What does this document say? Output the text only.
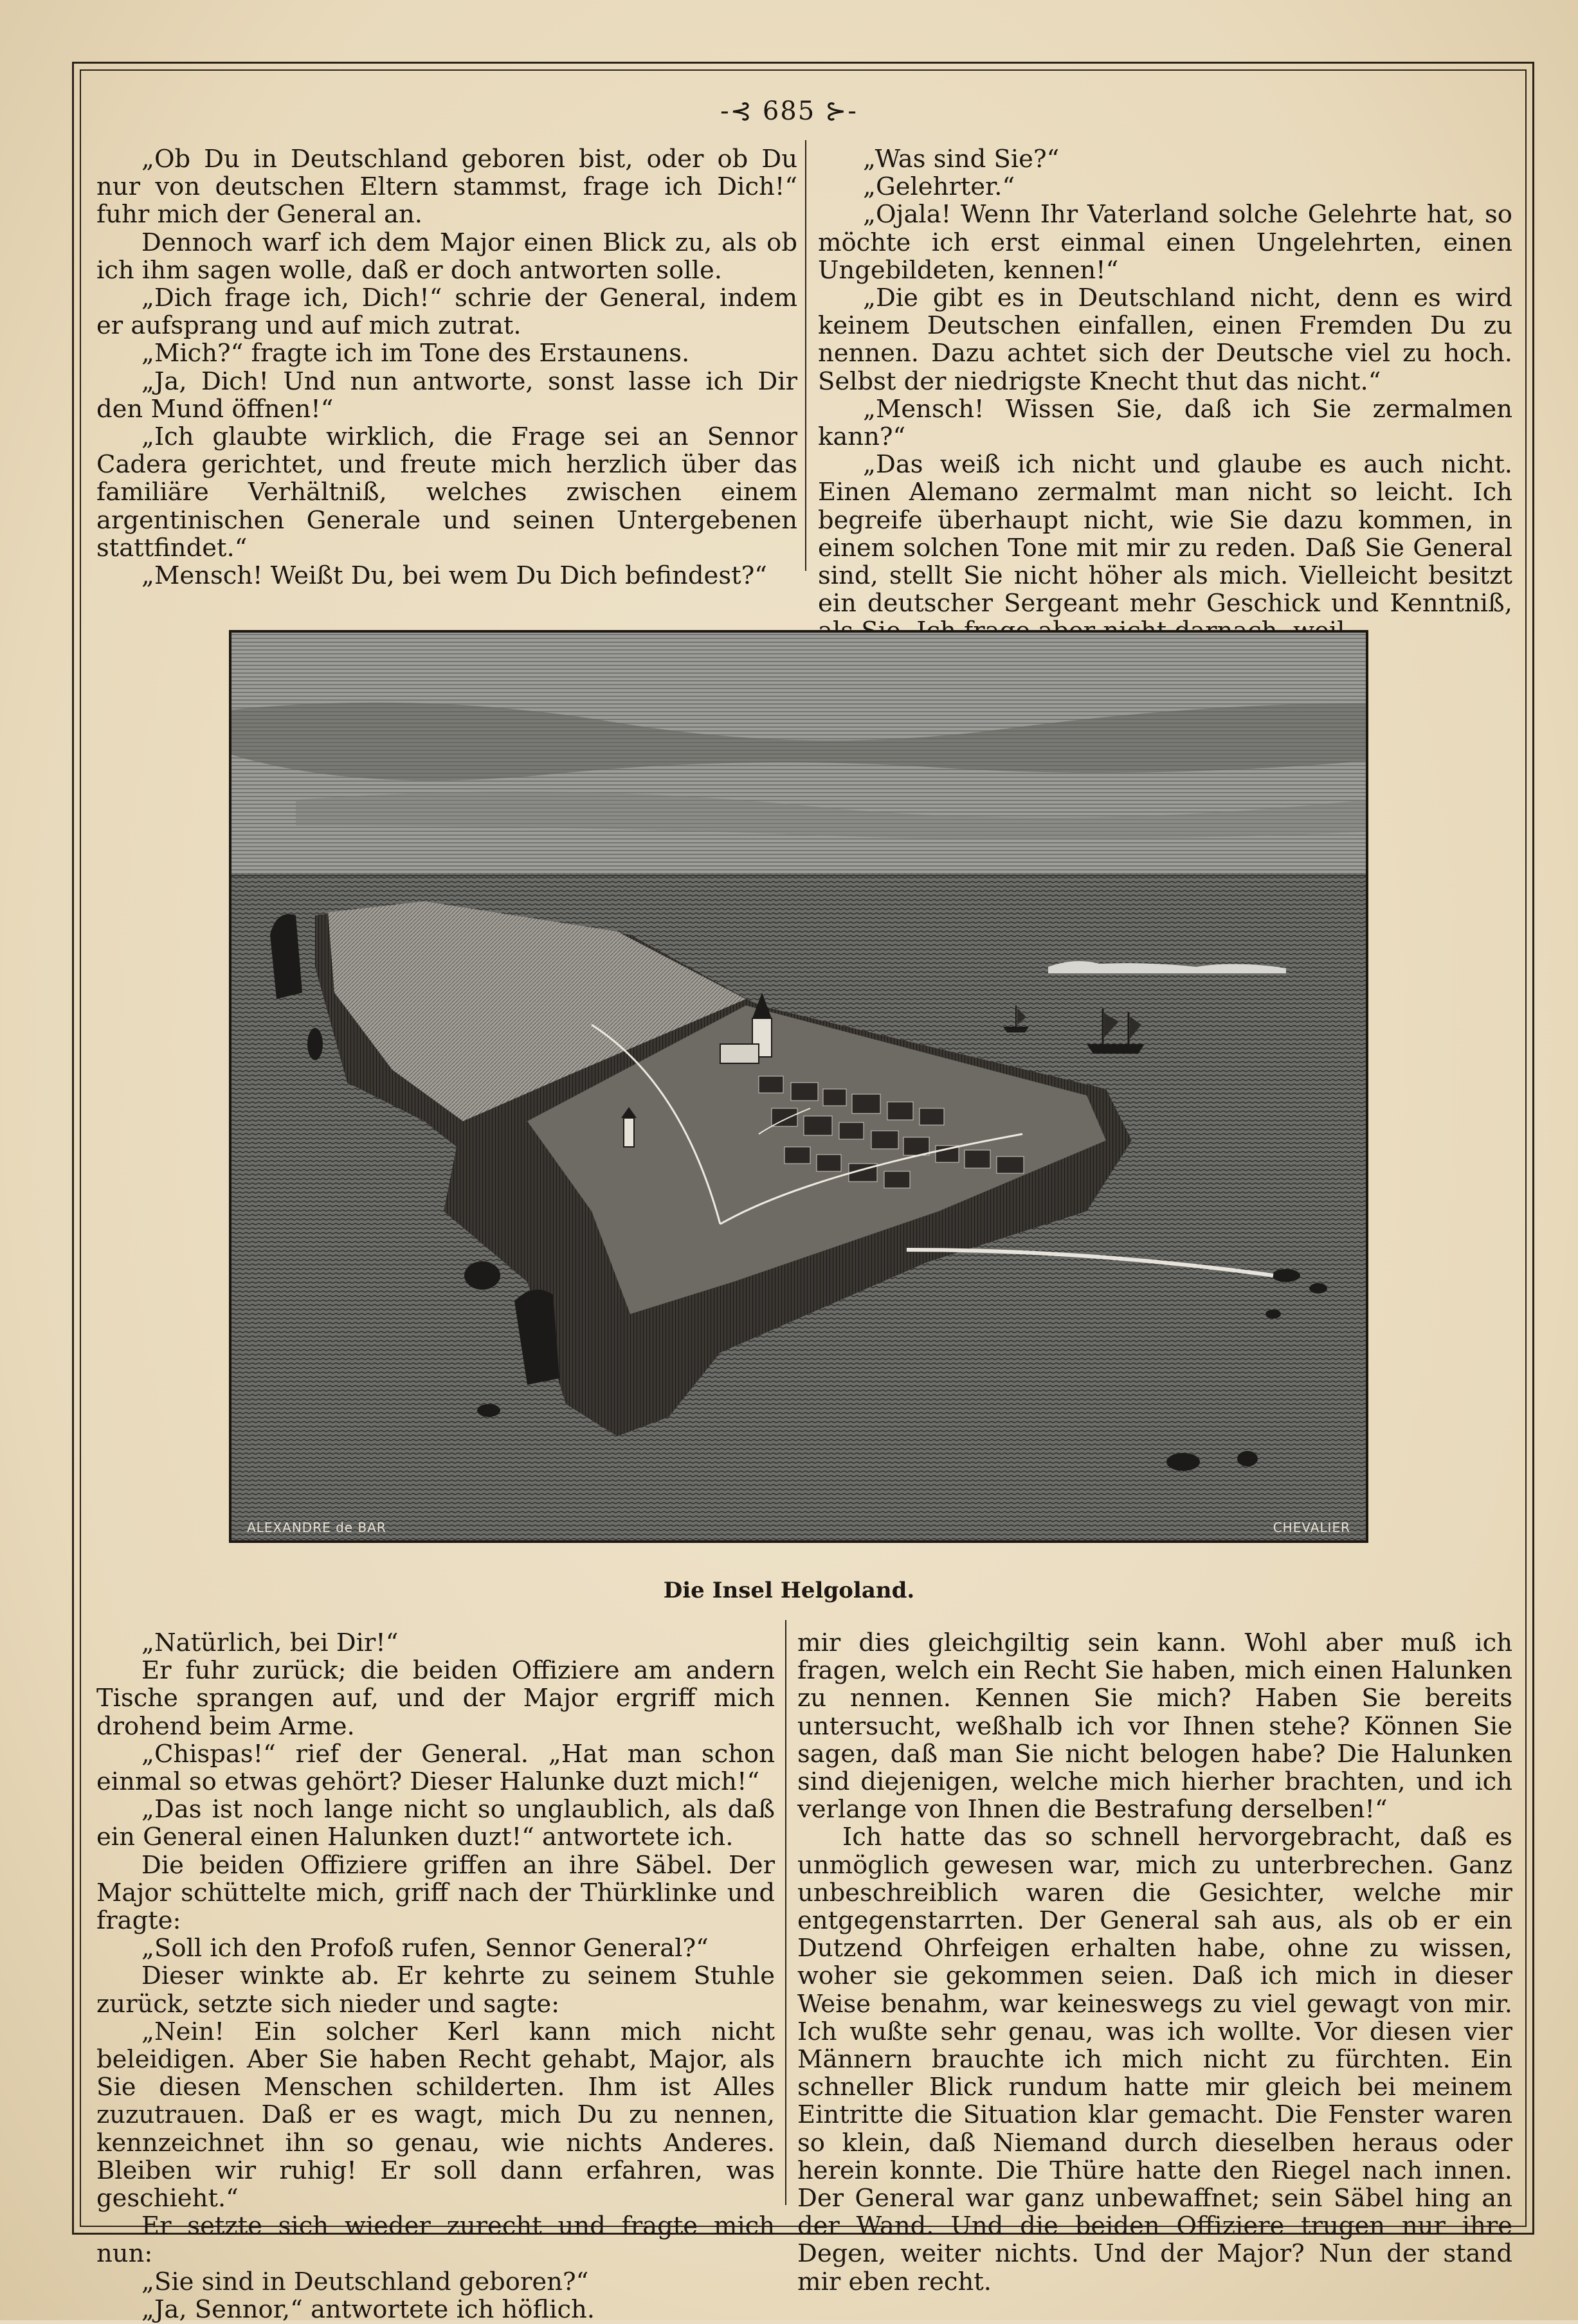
-⊰ 685 ⊱-

„Ob Du in Deutschland geboren bist, oder ob Du nur von deutschen Eltern stammst, frage ich Dich!“ fuhr mich der General an.

Dennoch warf ich dem Major einen Blick zu, als ob ich ihm sagen wolle, daß er doch antworten solle.

„Dich frage ich, Dich!“ schrie der General, indem er aufsprang und auf mich zutrat.

„Mich?“ fragte ich im Tone des Erstaunens.

„Ja, Dich! Und nun antworte, sonst lasse ich Dir den Mund öffnen!“

„Ich glaubte wirklich, die Frage sei an Sennor Cadera gerichtet, und freute mich herzlich über das familiäre Verhältniß, welches zwischen einem argentinischen Generale und seinen Untergebenen stattfindet.“

„Mensch! Weißt Du, bei wem Du Dich befindest?“

„Was sind Sie?“

„Gelehrter.“

„Ojala! Wenn Ihr Vaterland solche Gelehrte hat, so möchte ich erst einmal einen Ungelehrten, einen Ungebildeten, kennen!“

„Die gibt es in Deutschland nicht, denn es wird keinem Deutschen einfallen, einen Fremden Du zu nennen. Dazu achtet sich der Deutsche viel zu hoch. Selbst der niedrigste Knecht thut das nicht.“

„Mensch! Wissen Sie, daß ich Sie zermalmen kann?“

„Das weiß ich nicht und glaube es auch nicht. Einen Alemano zermalmt man nicht so leicht. Ich begreife überhaupt nicht, wie Sie dazu kommen, in einem solchen Tone mit mir zu reden. Daß Sie General sind, stellt Sie nicht höher als mich. Vielleicht besitzt ein deutscher Sergeant mehr Geschick und Kenntniß,

ALEXANDRE de BAR	CHEVALIER
Die Insel Helgoland.

„Natürlich, bei Dir!“

Er fuhr zurück; die beiden Offiziere am andern Tische sprangen auf, und der Major ergriff mich drohend beim Arme.

„Chispas!“ rief der General. „Hat man schon einmal so etwas gehört? Dieser Halunke duzt mich!“

„Das ist noch lange nicht so unglaublich, als daß ein General einen Halunken duzt!“ antwortete ich.

Die beiden Offiziere griffen an ihre Säbel. Der Major schüttelte mich, griff nach der Thürklinke und fragte:

„Soll ich den Profoß rufen, Sennor General?“

Dieser winkte ab. Er kehrte zu seinem Stuhle zurück, setzte sich nieder und sagte:

„Nein! Ein solcher Kerl kann mich nicht beleidigen. Aber Sie haben Recht gehabt, Major, als Sie diesen Menschen schilderten. Ihm ist Alles zuzutrauen. Daß er es wagt, mich Du zu nennen, kennzeichnet ihn so genau, wie nichts Anderes. Bleiben wir ruhig! Er soll dann erfahren, was geschieht.“

Er setzte sich wieder zurecht und fragte mich nun:

„Sie sind in Deutschland geboren?“

„Ja, Sennor,“ antwortete ich höflich.

mir dies gleichgiltig sein kann. Wohl aber muß ich fragen, welch ein Recht Sie haben, mich einen Halunken zu nennen. Kennen Sie mich? Haben Sie bereits untersucht, weßhalb ich vor Ihnen stehe? Können Sie sagen, daß man Sie nicht belogen habe? Die Halunken sind diejenigen, welche mich hierher brachten, und ich verlange von Ihnen die Bestrafung derselben!“

Ich hatte das so schnell hervorgebracht, daß es unmöglich gewesen war, mich zu unterbrechen. Ganz unbeschreiblich waren die Gesichter, welche mir entgegenstarrten. Der General sah aus, als ob er ein Dutzend Ohrfeigen erhalten habe, ohne zu wissen, woher sie gekommen seien. Daß ich mich in dieser Weise benahm, war keineswegs zu viel gewagt von mir. Ich wußte sehr genau, was ich wollte. Vor diesen vier Männern brauchte ich mich nicht zu fürchten. Ein schneller Blick rundum hatte mir gleich bei meinem Eintritte die Situation klar gemacht. Die Fenster waren so klein, daß Niemand durch dieselben heraus oder herein konnte. Die Thüre hatte den Riegel nach innen. Der General war ganz unbewaffnet; sein Säbel hing an der Wand. Und die beiden Offiziere trugen nur ihre Degen, weiter nichts. Und der Major? Nun der stand mir eben recht.
